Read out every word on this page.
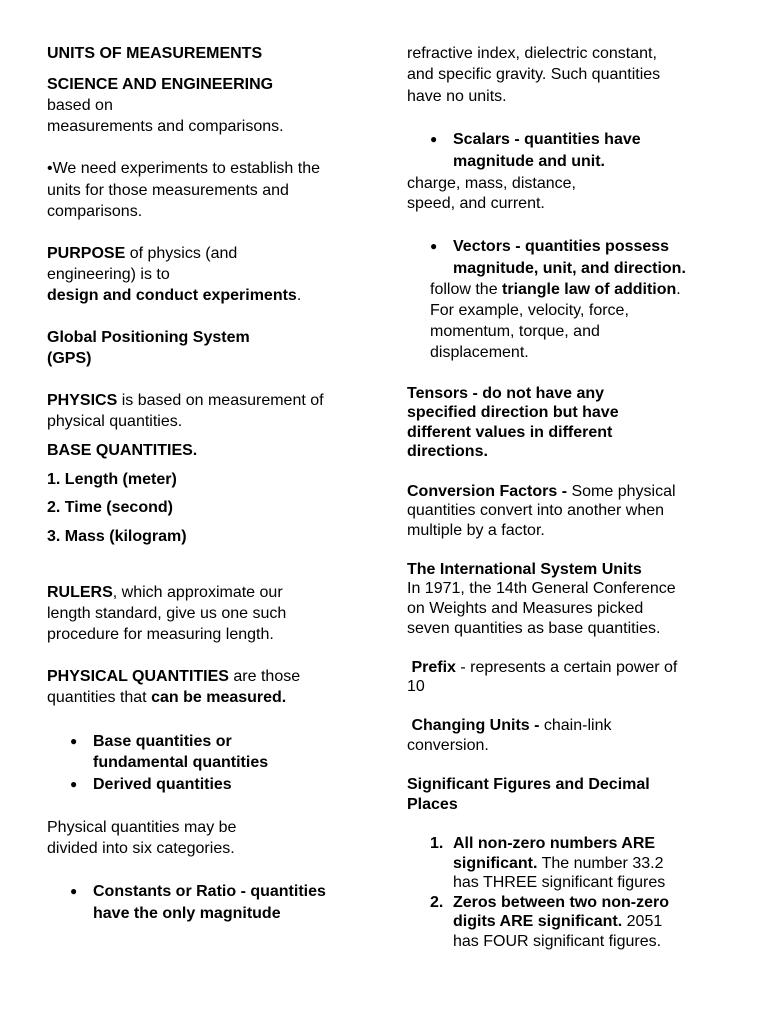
UNITS OF MEASUREMENTS
SCIENCE AND ENGINEERING
based on
measurements and comparisons.
•We need experiments to establish the
units for those measurements and
comparisons.
PURPOSE of physics (and
engineering) is to
design and conduct experiments.
Global Positioning System
(GPS)
PHYSICS is based on measurement of
physical quantities.
BASE QUANTITIES.
1. Length (meter)
2. Time (second)
3. Mass (kilogram)
RULERS, which approximate our
length standard, give us one such
procedure for measuring length.
PHYSICAL QUANTITIES are those
quantities that can be measured.
● Base quantities or
fundamental quantities
● Derived quantities
Physical quantities may be
divided into six categories.
● Constants or Ratio - quantities
have the only magnitude
refractive index, dielectric constant,
and specific gravity. Such quantities
have no units.
● Scalars - quantities have
magnitude and unit.
charge, mass, distance,
speed, and current.
● Vectors - quantities possess
magnitude, unit, and direction.
follow the triangle law of addition.
For example, velocity, force,
momentum, torque, and
displacement.
Tensors - do not have any
specified direction but have
different values in different
directions.
Conversion Factors - Some physical
quantities convert into another when
multiple by a factor.
The International System Units
In 1971, the 14th General Conference
on Weights and Measures picked
seven quantities as base quantities.
Prefix - represents a certain power of
10
Changing Units - chain-link
conversion.
Significant Figures and Decimal
Places
1. All non-zero numbers ARE
significant. The number 33.2
has THREE significant figures
2. Zeros between two non-zero
digits ARE significant. 2051
has FOUR significant figures.
